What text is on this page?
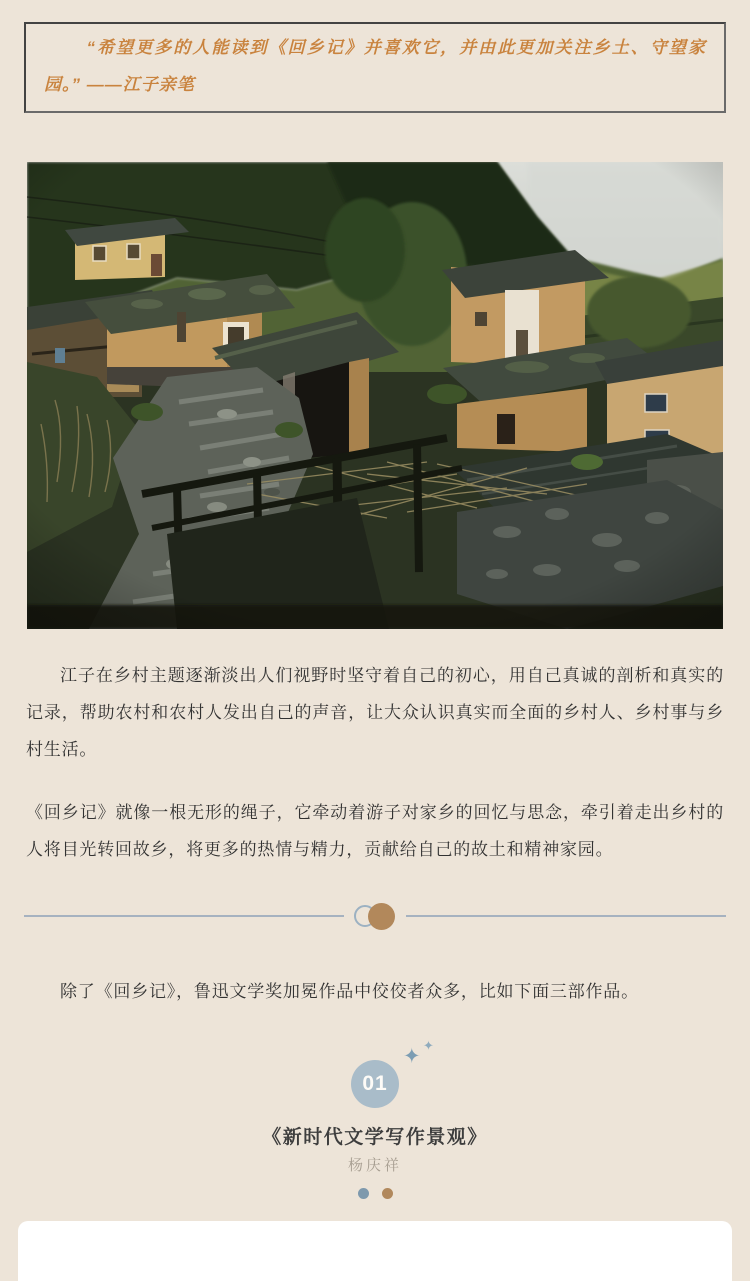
“希望更多的人能读到《回乡记》并喜欢它，并由此更加关注乡土、守望家园。” ——江子亲笔

江子在乡村主题逐渐淡出人们视野时坚守着自己的初心，用自己真诚的剖析和真实的记录，帮助农村和农村人发出自己的声音，让大众认识真实而全面的乡村人、乡村事与乡村生活。

《回乡记》就像一根无形的绳子，它牵动着游子对家乡的回忆与思念，牵引着走出乡村的人将目光转回故乡，将更多的热情与精力，贡献给自己的故土和精神家园。

除了《回乡记》，鲁迅文学奖加冕作品中佼佼者众多，比如下面三部作品。

01
✦ ✦

《新时代文学写作景观》

杨庆祥
